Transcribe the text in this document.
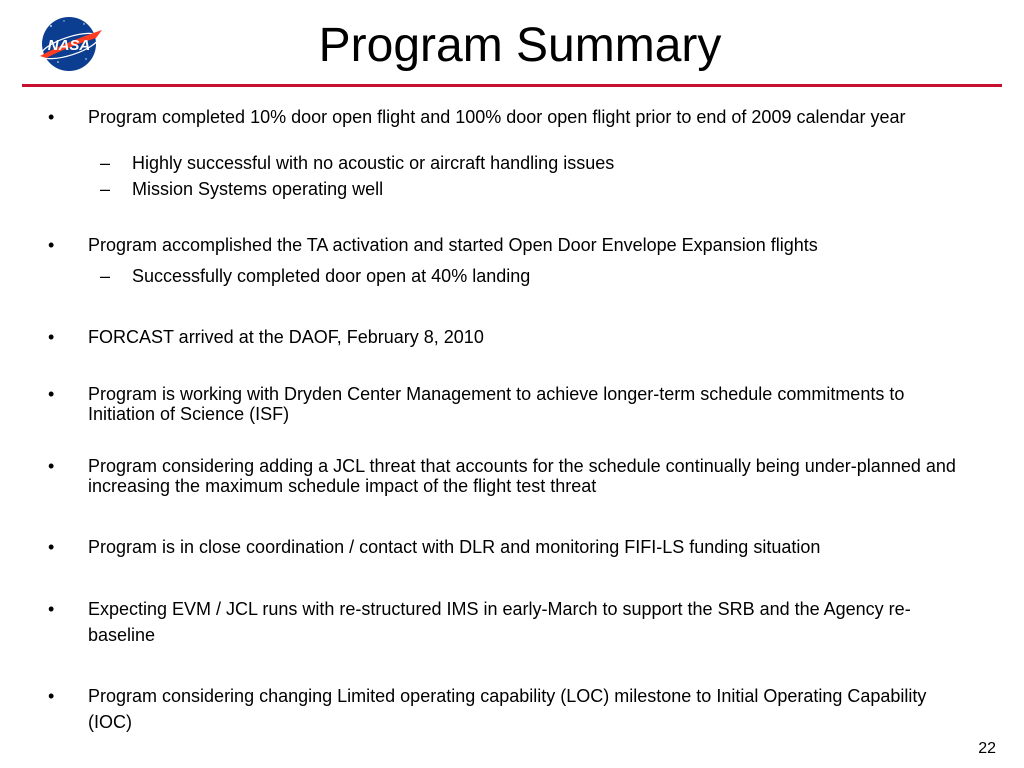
NASA	Program Summary
• Program completed 10% door open flight and 100% door open flight prior to end of 2009 calendar year
– Highly successful with no acoustic or aircraft handling issues
– Mission Systems operating well
• Program accomplished the TA activation and started Open Door Envelope Expansion flights
– Successfully completed door open at 40% landing
• FORCAST arrived at the DAOF, February 8, 2010
• Program is working with Dryden Center Management to achieve longer-term schedule commitments to Initiation of Science (ISF)
• Program considering adding a JCL threat that accounts for the schedule continually being under-planned and increasing the maximum schedule impact of the flight test threat
• Program is in close coordination / contact with DLR and monitoring FIFI-LS funding situation
• Expecting EVM / JCL runs with re-structured IMS in early-March to support the SRB and the Agency re-baseline
• Program considering changing Limited operating capability (LOC) milestone to Initial Operating Capability (IOC)
22
